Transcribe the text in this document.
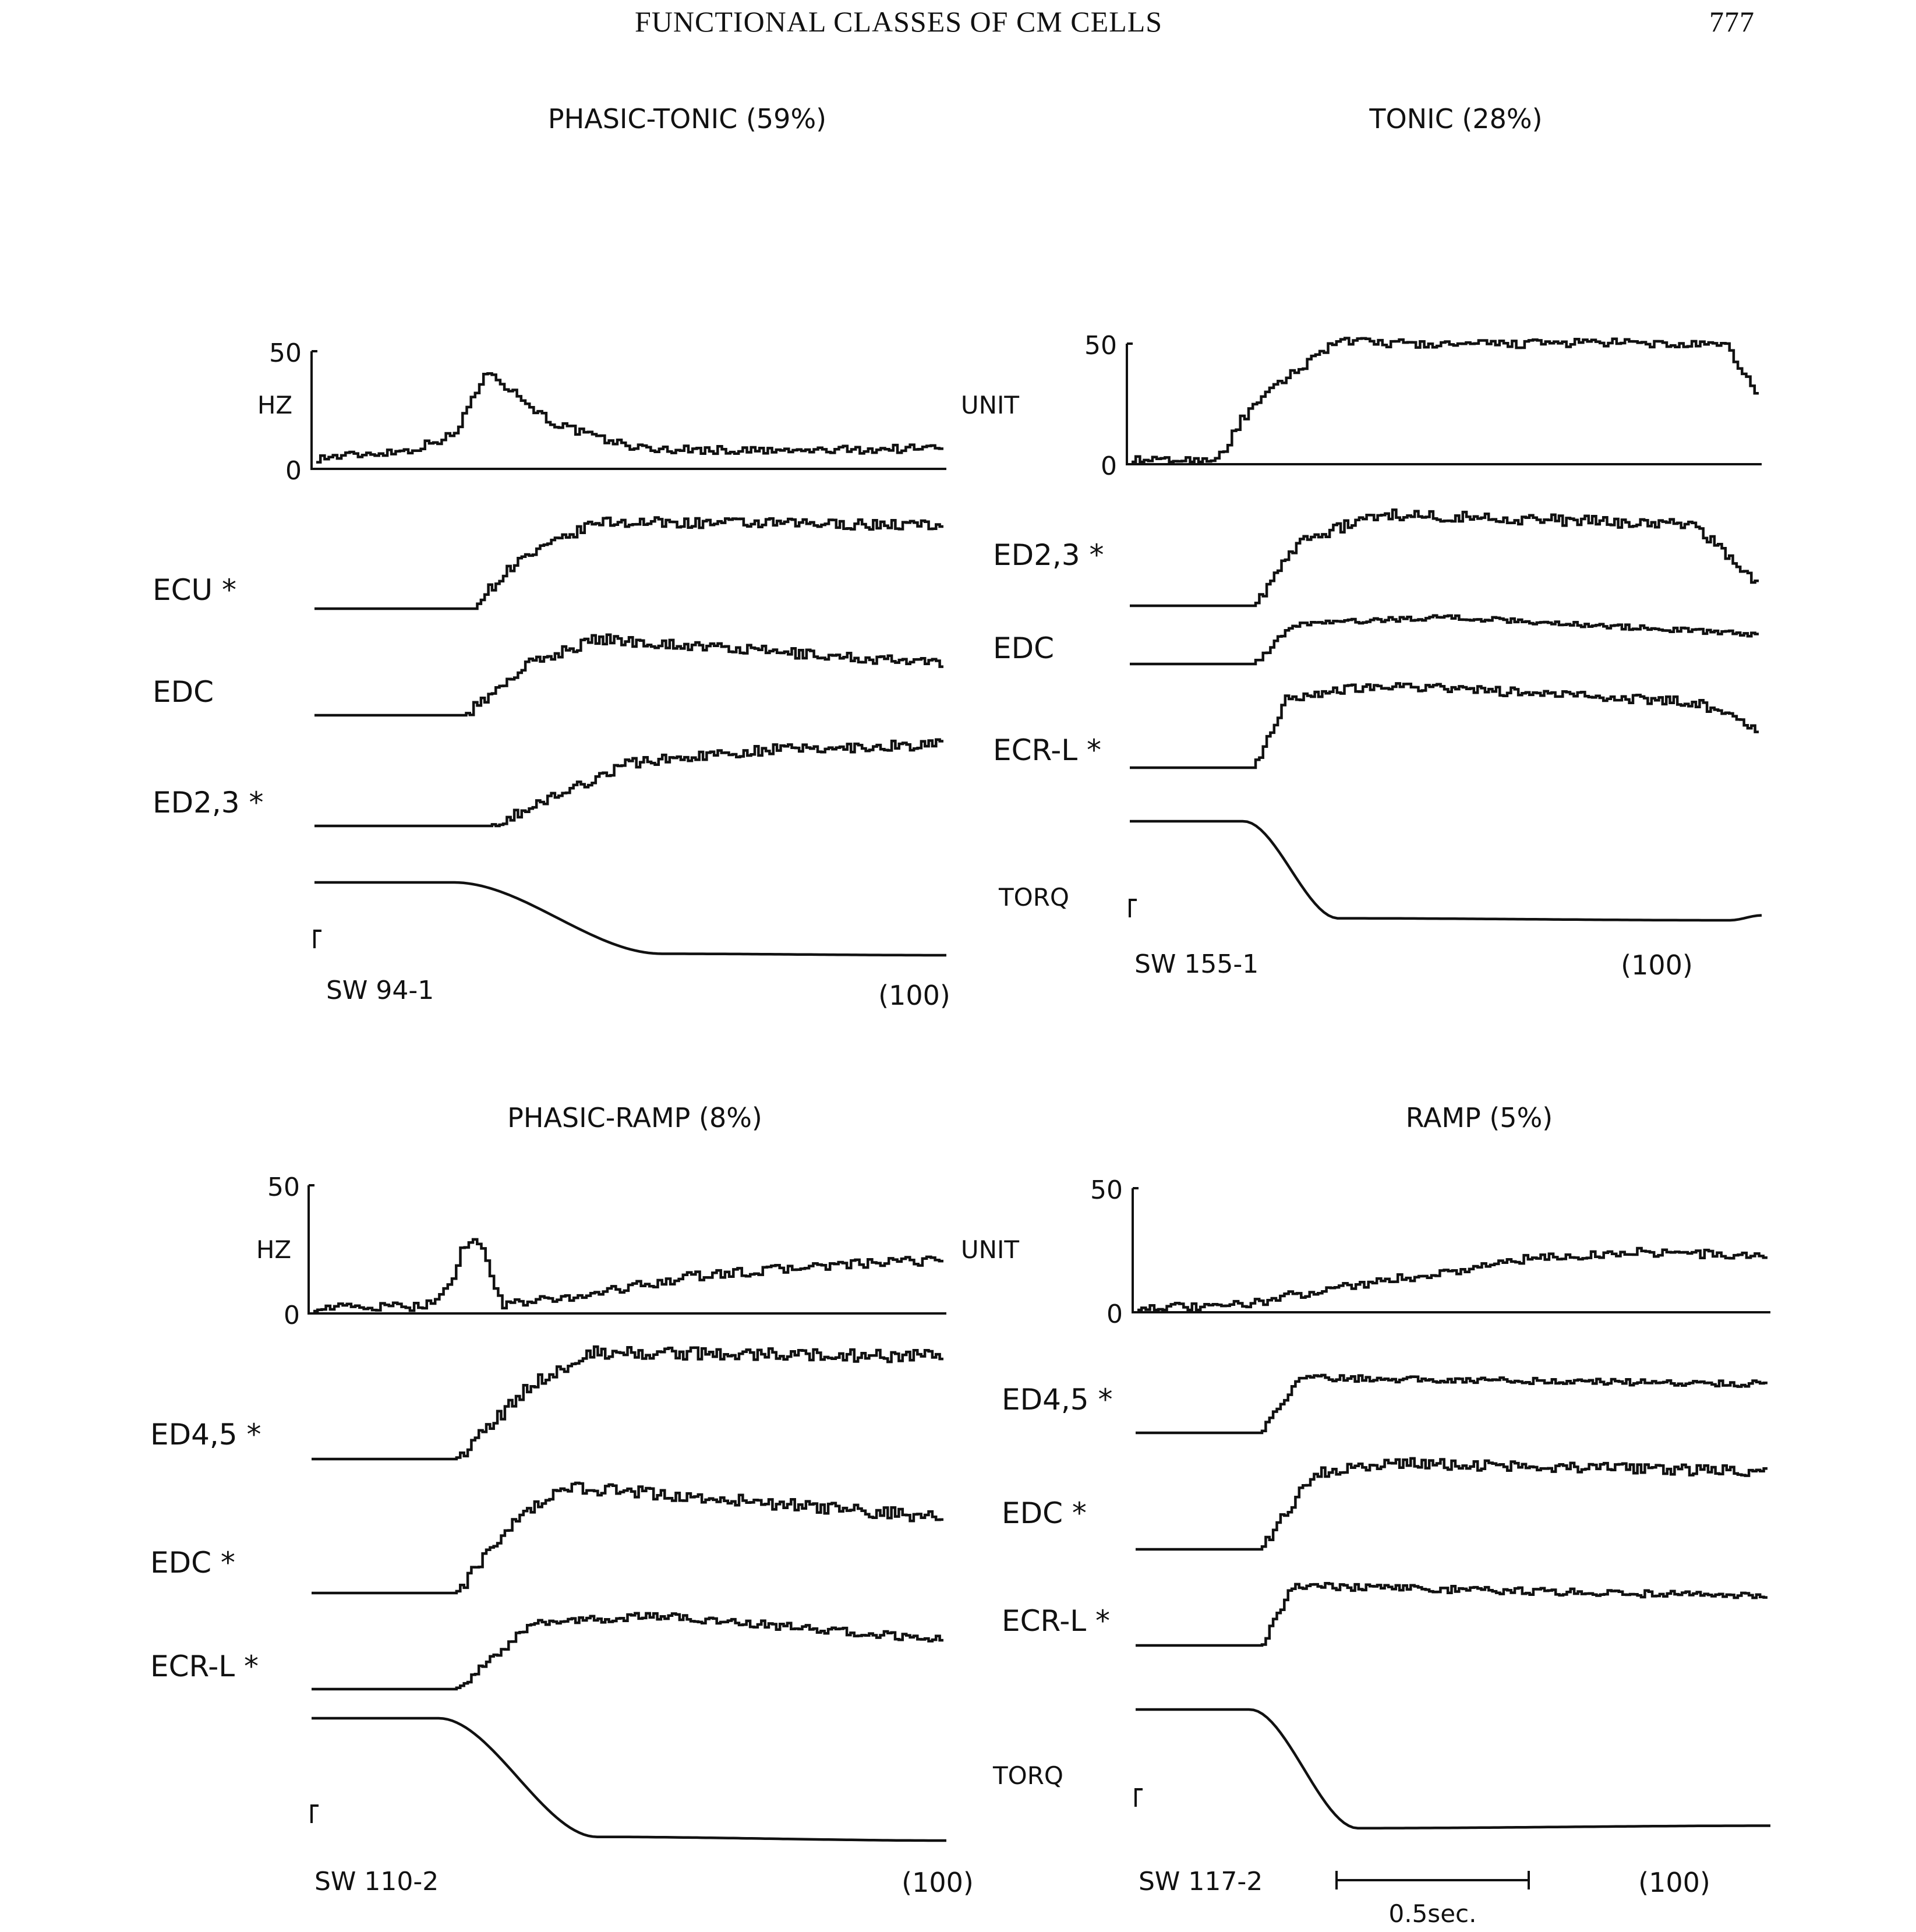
FUNCTIONAL CLASSES OF CM CELLS	777
PHASIC-TONIC (59%)
50
0
HZ
ECU *
EDC
ED2,3 *
SW 94-1	(100)
TONIC (28%)
50
0
UNIT
ED2,3 *
EDC
ECR-L *
TORQ
SW 155-1	(100)
PHASIC-RAMP (8%)
50
0
HZ
ED4,5 *
EDC *
ECR-L *
SW 110-2	(100)
RAMP (5%)
50
0
UNIT
ED4,5 *
EDC *
ECR-L *
TORQ
SW 117-2	(100)
0.5sec.
